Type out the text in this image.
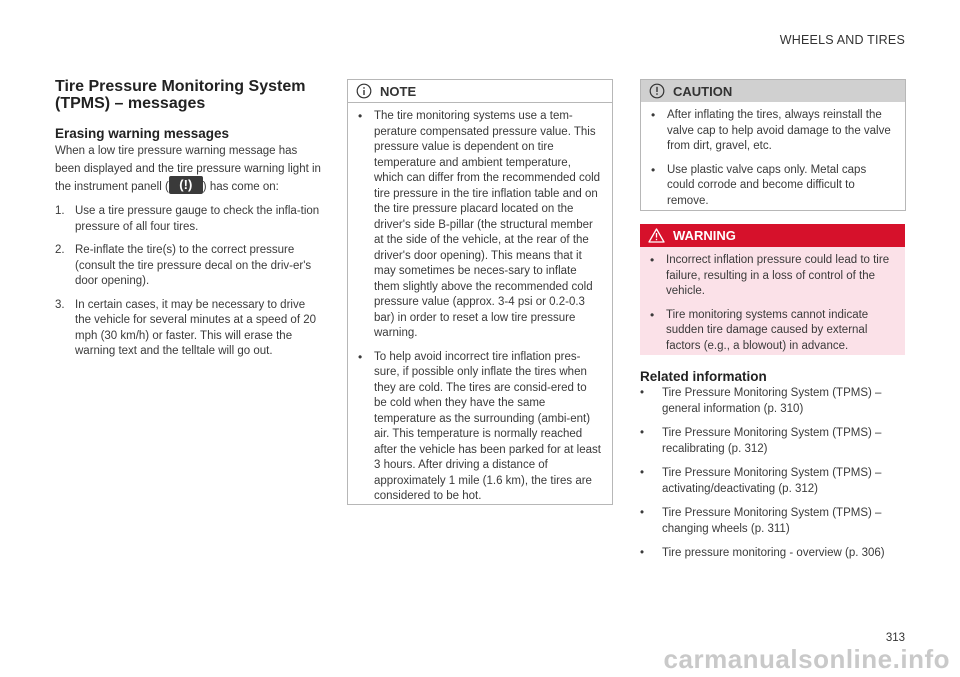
WHEELS AND TIRES
Tire Pressure Monitoring System
(TPMS) – messages
Erasing warning messages

When a low tire pressure warning message has been displayed and the tire pressure warning light in the instrument panell ( (!) ) has come on:

1. Use a tire pressure gauge to check the infla-tion pressure of all four tires.
2. Re-inflate the tire(s) to the correct pressure (consult the tire pressure decal on the driv-er's door opening).
3. In certain cases, it may be necessary to drive the vehicle for several minutes at a speed of 20 mph (30 km/h) or faster. This will erase the warning text and the telltale will go out.
NOTE
• The tire monitoring systems use a tem-perature compensated pressure value. This pressure value is dependent on tire temperature and ambient temperature, which can differ from the recommended cold tire pressure in the tire inflation table and on the tire pressure placard located on the driver's side B-pillar (the structural member at the side of the vehicle, at the rear of the driver's door opening). This means that it may sometimes be neces-sary to inflate them slightly above the recommended cold pressure value (approx. 3-4 psi or 0.2-0.3 bar) in order to reset a low tire pressure warning.
• To help avoid incorrect tire inflation pres-sure, if possible only inflate the tires when they are cold. The tires are consid-ered to be cold when they have the same temperature as the surrounding (ambi-ent) air. This temperature is normally reached after the vehicle has been parked for at least 3 hours. After driving a distance of approximately 1 mile (1.6 km), the tires are considered to be hot.
CAUTION
• After inflating the tires, always reinstall the valve cap to help avoid damage to the valve from dirt, gravel, etc.
• Use plastic valve caps only. Metal caps could corrode and become difficult to remove.
WARNING
• Incorrect inflation pressure could lead to tire failure, resulting in a loss of control of the vehicle.
• Tire monitoring systems cannot indicate sudden tire damage caused by external factors (e.g., a blowout) in advance.
Related information
• Tire Pressure Monitoring System (TPMS) – general information (p. 310)
• Tire Pressure Monitoring System (TPMS) – recalibrating (p. 312)
• Tire Pressure Monitoring System (TPMS) – activating/deactivating (p. 312)
• Tire Pressure Monitoring System (TPMS) – changing wheels (p. 311)
• Tire pressure monitoring - overview (p. 306)
313
carmanualsonline.info
